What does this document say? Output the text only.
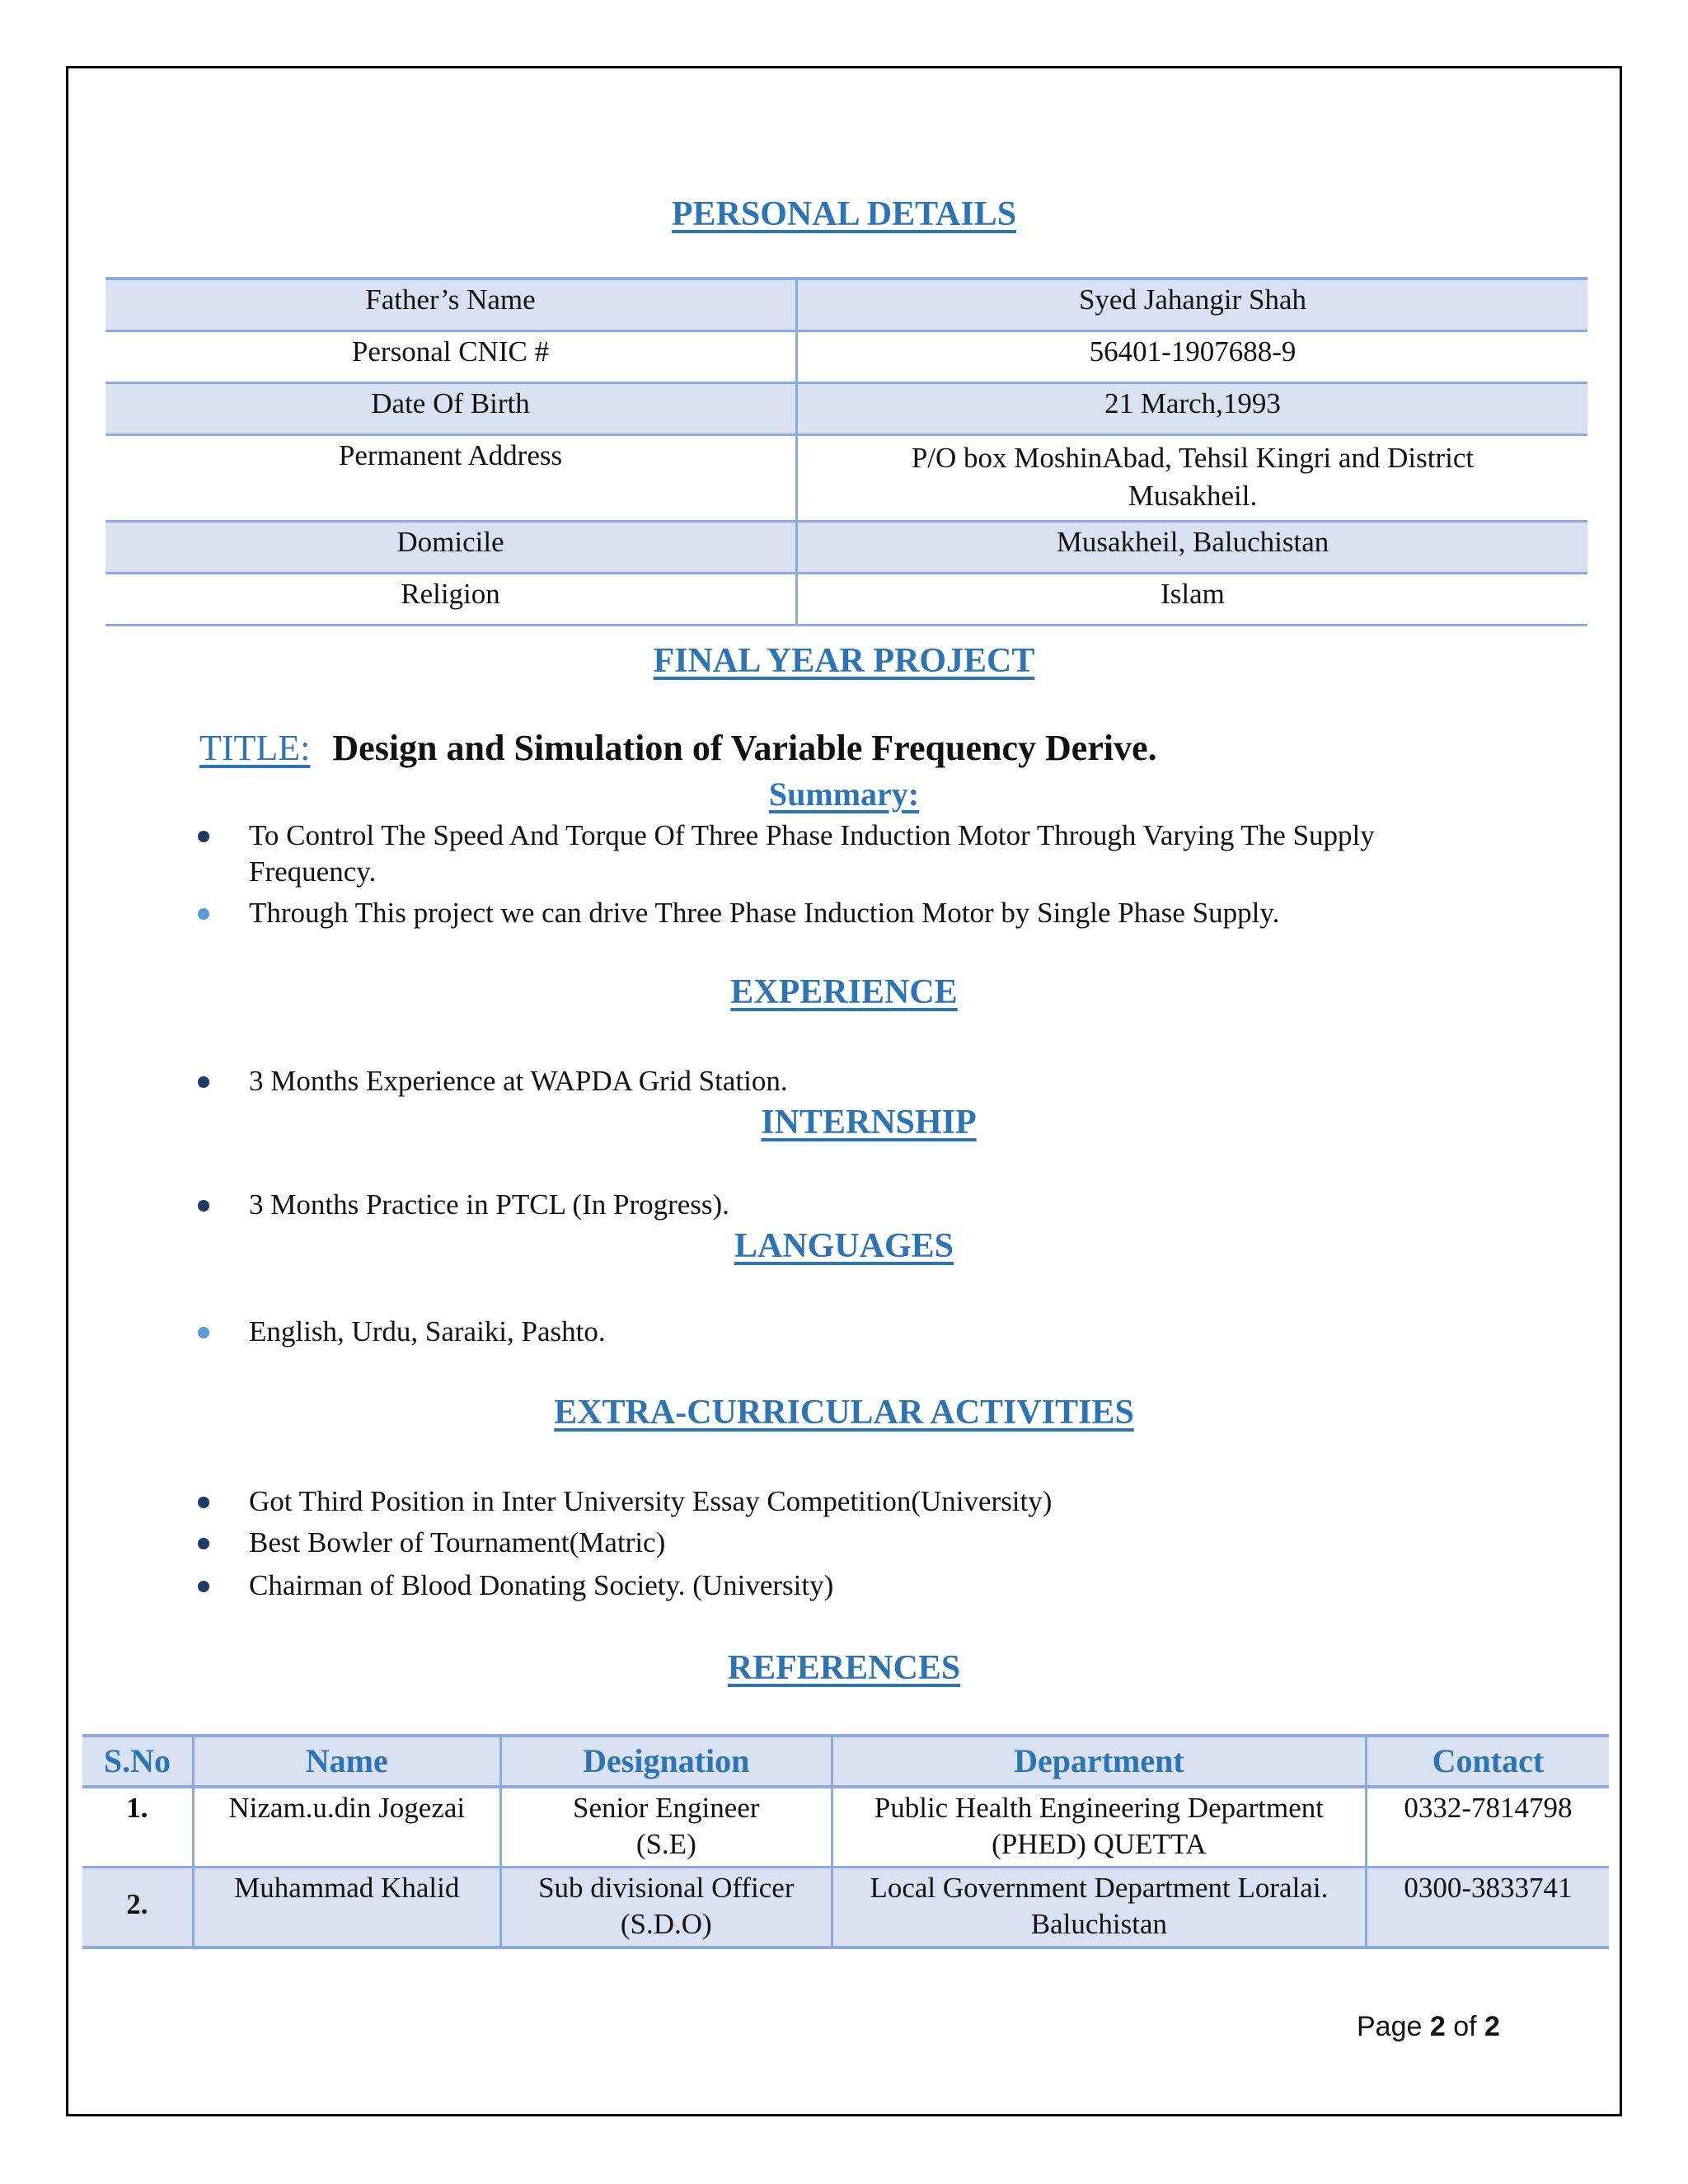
PERSONAL DETAILS
Father’s Name	Syed Jahangir Shah
Personal CNIC #	56401-1907688-9
Date Of Birth	21 March,1993
Permanent Address	P/O box MoshinAbad, Tehsil Kingri and District Musakheil.
Domicile	Musakheil, Baluchistan
Religion	Islam
FINAL YEAR PROJECT
TITLE: Design and Simulation of Variable Frequency Derive.
Summary:
To Control The Speed And Torque Of Three Phase Induction Motor Through Varying The Supply Frequency.
Through This project we can drive Three Phase Induction Motor by Single Phase Supply.
EXPERIENCE
3 Months Experience at WAPDA Grid Station.
INTERNSHIP
3 Months Practice in PTCL (In Progress).
LANGUAGES
English, Urdu, Saraiki, Pashto.
EXTRA-CURRICULAR ACTIVITIES
Got Third Position in Inter University Essay Competition(University)
Best Bowler of Tournament(Matric)
Chairman of Blood Donating Society. (University)
REFERENCES
S.No	Name	Designation	Department	Contact
1.	Nizam.u.din Jogezai	Senior Engineer (S.E)	Public Health Engineering Department (PHED) QUETTA	0332-7814798
2.	Muhammad Khalid	Sub divisional Officer (S.D.O)	Local Government Department Loralai. Baluchistan	0300-3833741
Page 2 of 2
